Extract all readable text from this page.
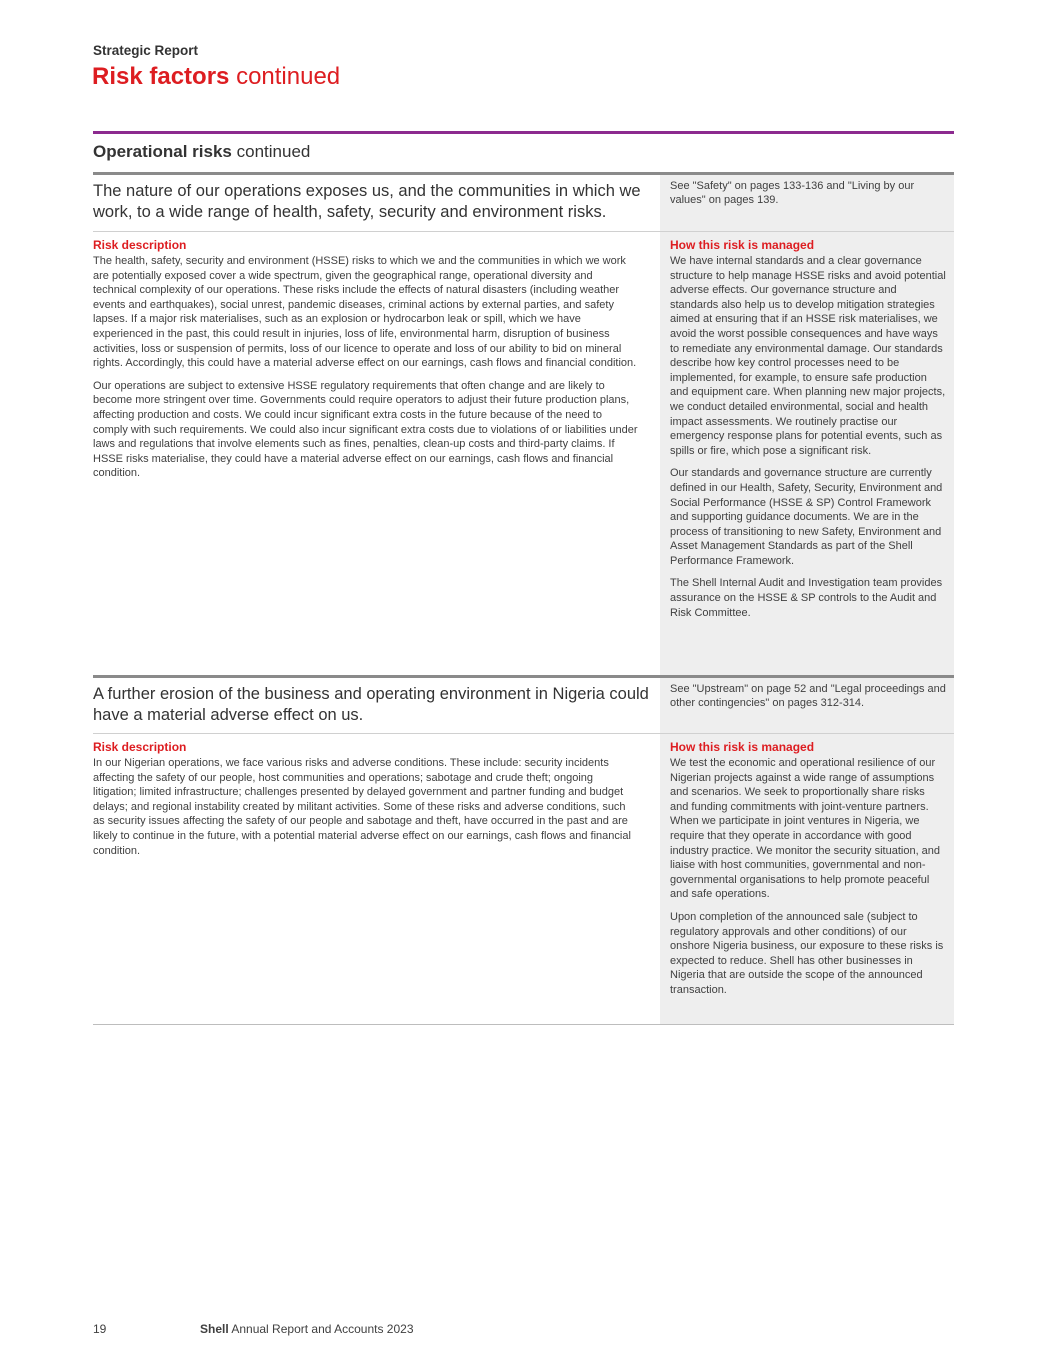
Strategic Report
Risk factors continued
Operational risks continued
The nature of our operations exposes us, and the communities in which we work, to a wide range of health, safety, security and environment risks.
See "Safety" on pages 133-136 and "Living by our values" on pages 139.
Risk description

The health, safety, security and environment (HSSE) risks to which we and the communities in which we work are potentially exposed cover a wide spectrum, given the geographical range, operational diversity and technical complexity of our operations. These risks include the effects of natural disasters (including weather events and earthquakes), social unrest, pandemic diseases, criminal actions by external parties, and safety lapses. If a major risk materialises, such as an explosion or hydrocarbon leak or spill, which we have experienced in the past, this could result in injuries, loss of life, environmental harm, disruption of business activities, loss or suspension of permits, loss of our licence to operate and loss of our ability to bid on mineral rights. Accordingly, this could have a material adverse effect on our earnings, cash flows and financial condition.

Our operations are subject to extensive HSSE regulatory requirements that often change and are likely to become more stringent over time. Governments could require operators to adjust their future production plans, affecting production and costs. We could incur significant extra costs in the future because of the need to comply with such requirements. We could also incur significant extra costs due to violations of or liabilities under laws and regulations that involve elements such as fines, penalties, clean-up costs and third-party claims. If HSSE risks materialise, they could have a material adverse effect on our earnings, cash flows and financial condition.

How this risk is managed

We have internal standards and a clear governance structure to help manage HSSE risks and avoid potential adverse effects. Our governance structure and standards also help us to develop mitigation strategies aimed at ensuring that if an HSSE risk materialises, we avoid the worst possible consequences and have ways to remediate any environmental damage. Our standards describe how key control processes need to be implemented, for example, to ensure safe production and equipment care. When planning new major projects, we conduct detailed environmental, social and health impact assessments. We routinely practise our emergency response plans for potential events, such as spills or fire, which pose a significant risk.

Our standards and governance structure are currently defined in our Health, Safety, Security, Environment and Social Performance (HSSE & SP) Control Framework and supporting guidance documents. We are in the process of transitioning to new Safety, Environment and Asset Management Standards as part of the Shell Performance Framework.

The Shell Internal Audit and Investigation team provides assurance on the HSSE & SP controls to the Audit and Risk Committee.

A further erosion of the business and operating environment in Nigeria could have a material adverse effect on us.
See "Upstream" on page 52 and "Legal proceedings and other contingencies" on pages 312-314.
Risk description

In our Nigerian operations, we face various risks and adverse conditions. These include: security incidents affecting the safety of our people, host communities and operations; sabotage and crude theft; ongoing litigation; limited infrastructure; challenges presented by delayed government and partner funding and budget delays; and regional instability created by militant activities. Some of these risks and adverse conditions, such as security issues affecting the safety of our people and sabotage and theft, have occurred in the past and are likely to continue in the future, with a potential material adverse effect on our earnings, cash flows and financial condition.

How this risk is managed

We test the economic and operational resilience of our Nigerian projects against a wide range of assumptions and scenarios. We seek to proportionally share risks and funding commitments with joint-venture partners. When we participate in joint ventures in Nigeria, we require that they operate in accordance with good industry practice. We monitor the security situation, and liaise with host communities, governmental and non-governmental organisations to help promote peaceful and safe operations.

Upon completion of the announced sale (subject to regulatory approvals and other conditions) of our onshore Nigeria business, our exposure to these risks is expected to reduce. Shell has other businesses in Nigeria that are outside the scope of the announced transaction.

19	Shell Annual Report and Accounts 2023
